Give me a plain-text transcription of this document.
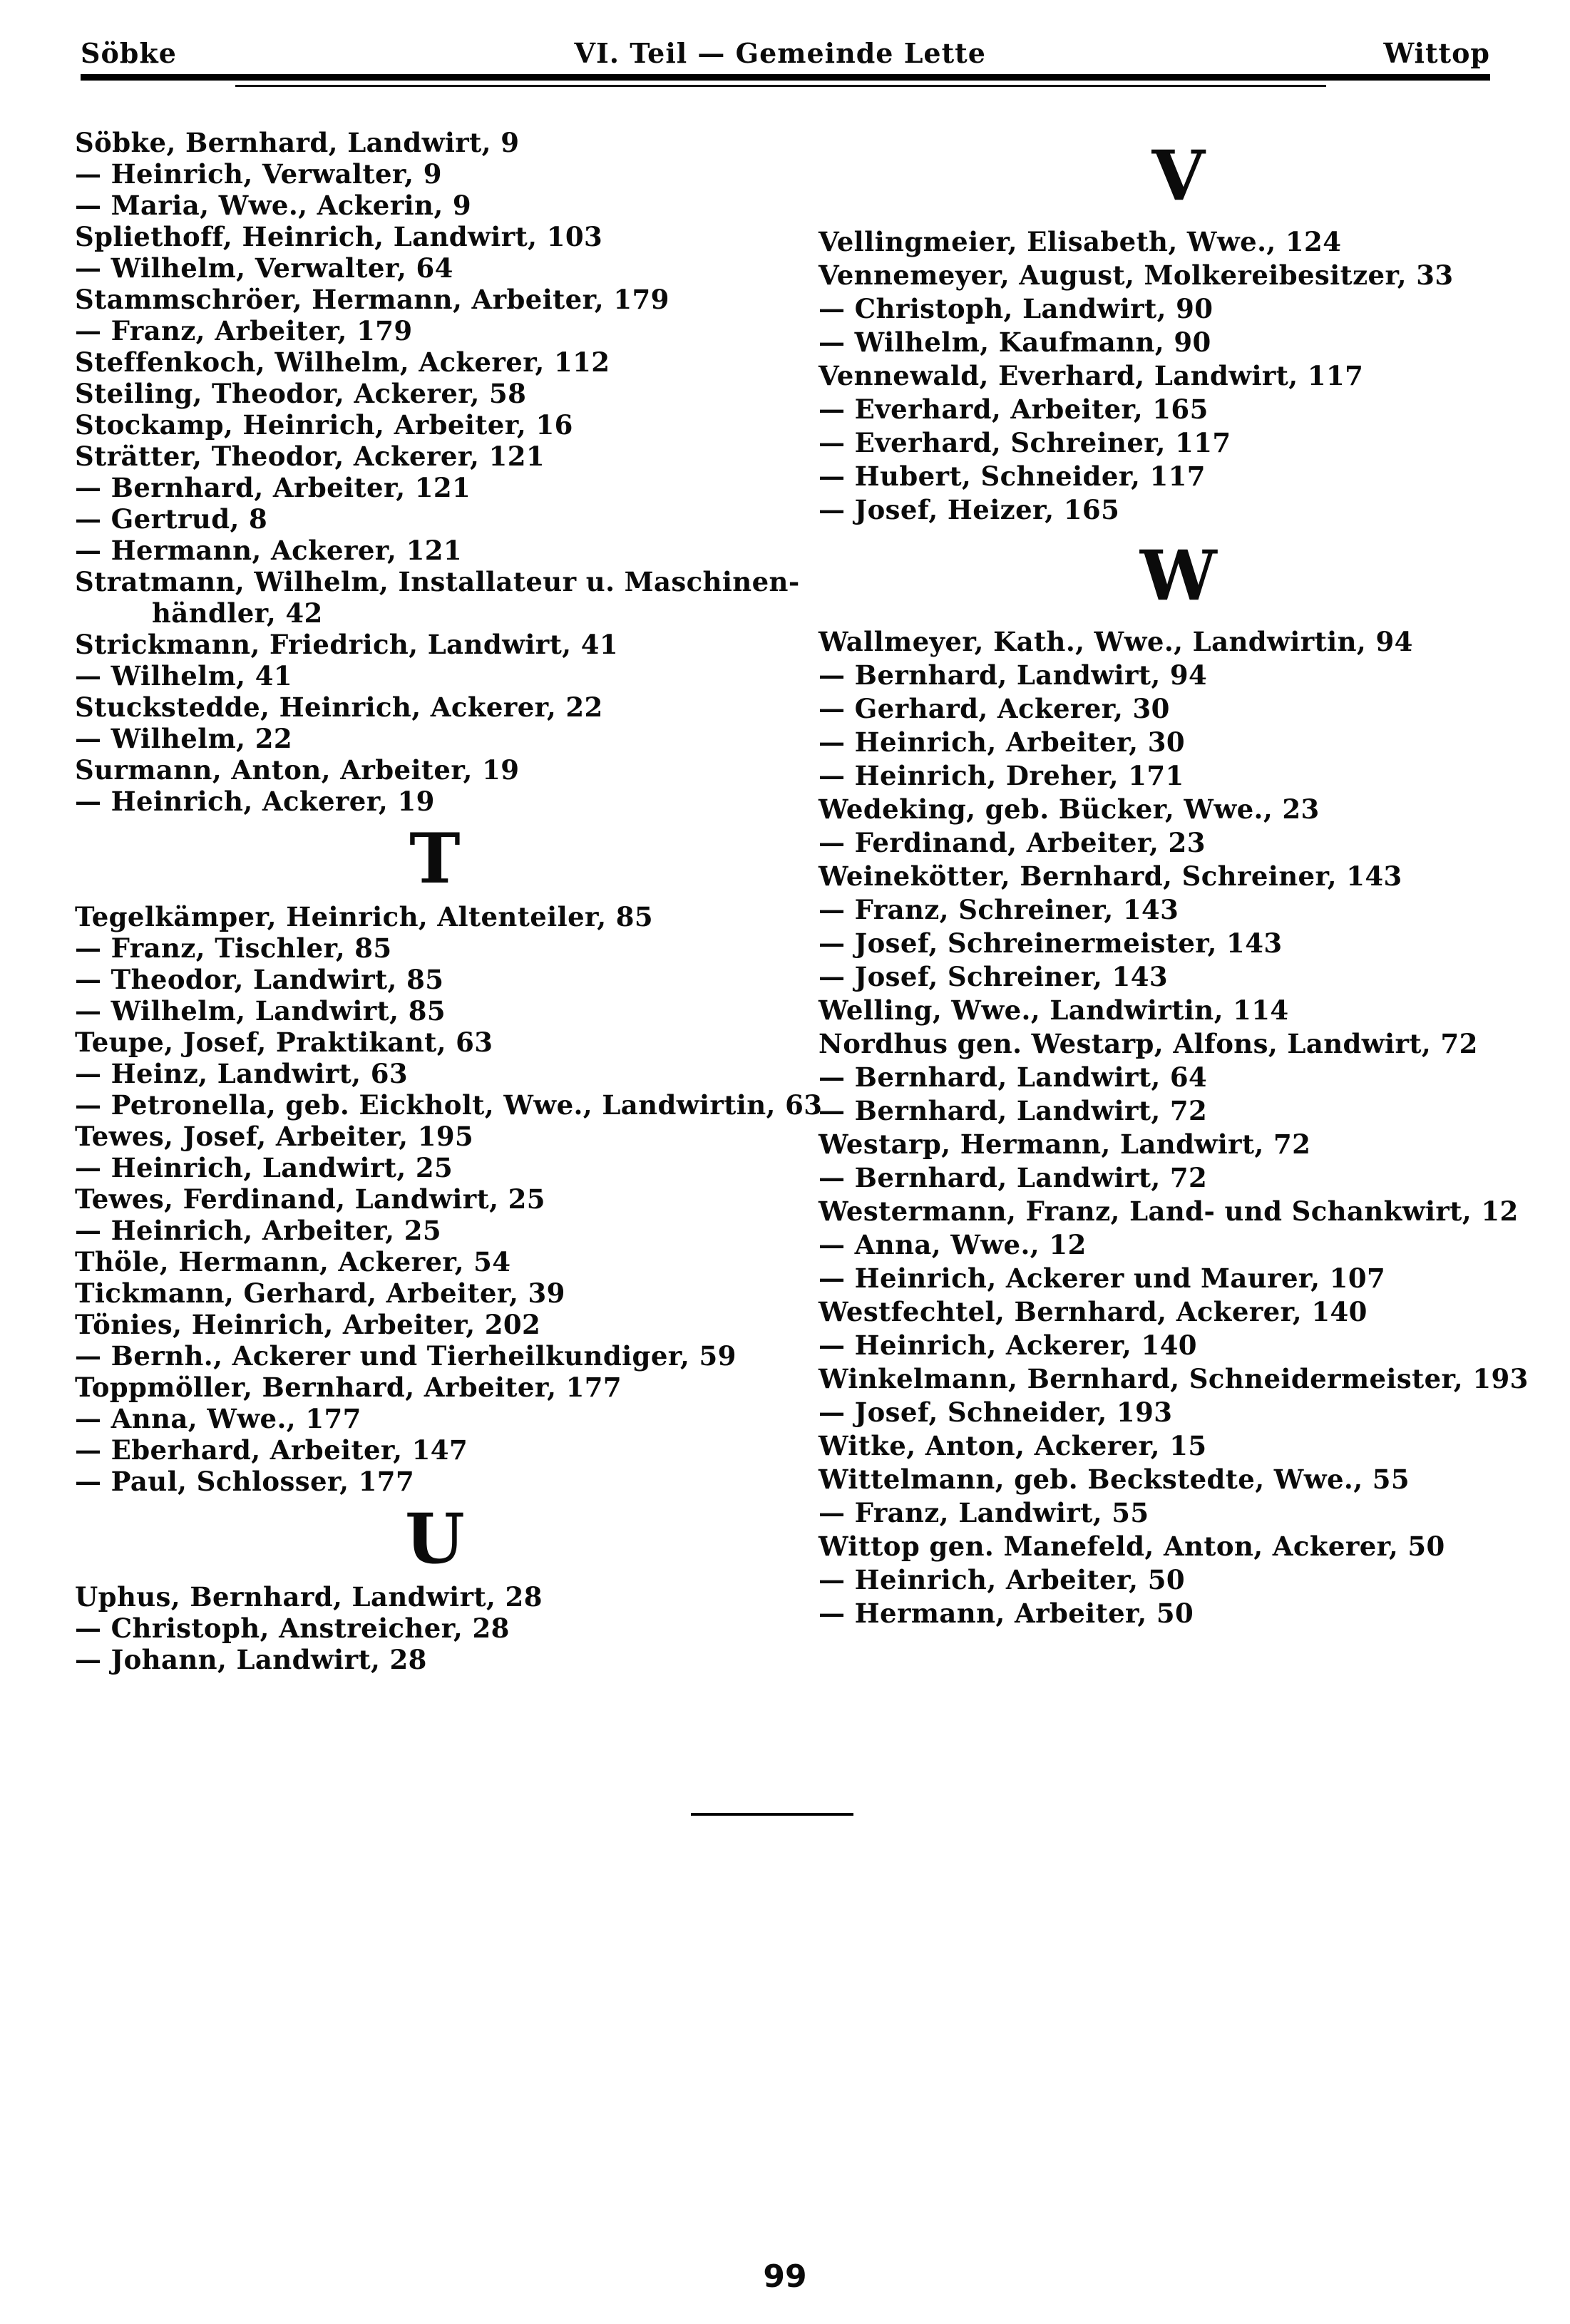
Söbke	VI. Teil — Gemeinde Lette	Wittop
Söbke, Bernhard, Landwirt, 9
— Heinrich, Verwalter, 9
— Maria, Wwe., Ackerin, 9
Spliethoff, Heinrich, Landwirt, 103
— Wilhelm, Verwalter, 64
Stammschröer, Hermann, Arbeiter, 179
— Franz, Arbeiter, 179
Steffenkoch, Wilhelm, Ackerer, 112
Steiling, Theodor, Ackerer, 58
Stockamp, Heinrich, Arbeiter, 16
Strätter, Theodor, Ackerer, 121
— Bernhard, Arbeiter, 121
— Gertrud, 8
— Hermann, Ackerer, 121
Stratmann, Wilhelm, Installateur u. Maschinen-
händler, 42
Strickmann, Friedrich, Landwirt, 41
— Wilhelm, 41
Stuckstedde, Heinrich, Ackerer, 22
— Wilhelm, 22
Surmann, Anton, Arbeiter, 19
— Heinrich, Ackerer, 19
T
Tegelkämper, Heinrich, Altenteiler, 85
— Franz, Tischler, 85
— Theodor, Landwirt, 85
— Wilhelm, Landwirt, 85
Teupe, Josef, Praktikant, 63
— Heinz, Landwirt, 63
— Petronella, geb. Eickholt, Wwe., Landwirtin, 63
Tewes, Josef, Arbeiter, 195
— Heinrich, Landwirt, 25
Tewes, Ferdinand, Landwirt, 25
— Heinrich, Arbeiter, 25
Thöle, Hermann, Ackerer, 54
Tickmann, Gerhard, Arbeiter, 39
Tönies, Heinrich, Arbeiter, 202
— Bernh., Ackerer und Tierheilkundiger, 59
Toppmöller, Bernhard, Arbeiter, 177
— Anna, Wwe., 177
— Eberhard, Arbeiter, 147
— Paul, Schlosser, 177
U
Uphus, Bernhard, Landwirt, 28
— Christoph, Anstreicher, 28
— Johann, Landwirt, 28
V
Vellingmeier, Elisabeth, Wwe., 124
Vennemeyer, August, Molkereibesitzer, 33
— Christoph, Landwirt, 90
— Wilhelm, Kaufmann, 90
Vennewald, Everhard, Landwirt, 117
— Everhard, Arbeiter, 165
— Everhard, Schreiner, 117
— Hubert, Schneider, 117
— Josef, Heizer, 165
W
Wallmeyer, Kath., Wwe., Landwirtin, 94
— Bernhard, Landwirt, 94
— Gerhard, Ackerer, 30
— Heinrich, Arbeiter, 30
— Heinrich, Dreher, 171
Wedeking, geb. Bücker, Wwe., 23
— Ferdinand, Arbeiter, 23
Weinekötter, Bernhard, Schreiner, 143
— Franz, Schreiner, 143
— Josef, Schreinermeister, 143
— Josef, Schreiner, 143
Welling, Wwe., Landwirtin, 114
Nordhus gen. Westarp, Alfons, Landwirt, 72
— Bernhard, Landwirt, 64
— Bernhard, Landwirt, 72
Westarp, Hermann, Landwirt, 72
— Bernhard, Landwirt, 72
Westermann, Franz, Land- und Schankwirt, 12
— Anna, Wwe., 12
— Heinrich, Ackerer und Maurer, 107
Westfechtel, Bernhard, Ackerer, 140
— Heinrich, Ackerer, 140
Winkelmann, Bernhard, Schneidermeister, 193
— Josef, Schneider, 193
Witke, Anton, Ackerer, 15
Wittelmann, geb. Beckstedte, Wwe., 55
— Franz, Landwirt, 55
Wittop gen. Manefeld, Anton, Ackerer, 50
— Heinrich, Arbeiter, 50
— Hermann, Arbeiter, 50
99
